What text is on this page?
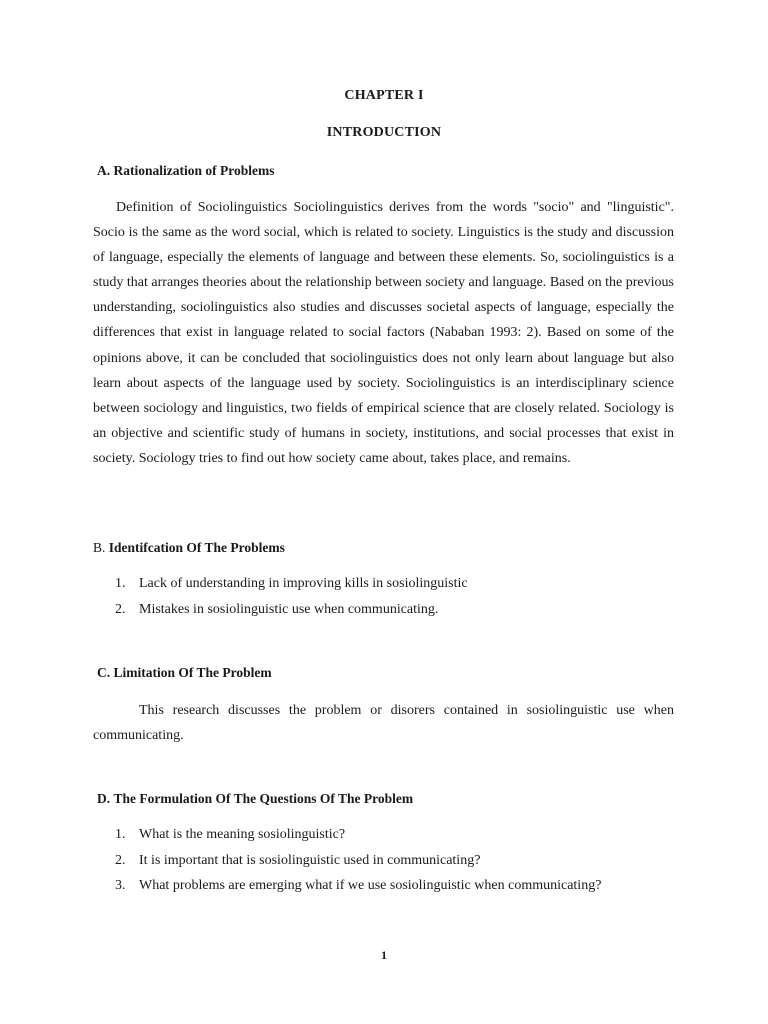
CHAPTER I
INTRODUCTION
A. Rationalization of Problems

Definition of Sociolinguistics Sociolinguistics derives from the words "socio" and "linguistic". Socio is the same as the word social, which is related to society. Linguistics is the study and discussion of language, especially the elements of language and between these elements. So, sociolinguistics is a study that arranges theories about the relationship between society and language. Based on the previous understanding, sociolinguistics also studies and discusses societal aspects of language, especially the differences that exist in language related to social factors (Nababan 1993: 2). Based on some of the opinions above, it can be concluded that sociolinguistics does not only learn about language but also learn about aspects of the language used by society. Sociolinguistics is an interdisciplinary science between sociology and linguistics, two fields of empirical science that are closely related. Sociology is an objective and scientific study of humans in society, institutions, and social processes that exist in society. Sociology tries to find out how society came about, takes place, and remains.

B. Identifcation Of The Problems
1. Lack of understanding in improving kills in sosiolinguistic
2. Mistakes in sosiolinguistic use when communicating.
C. Limitation Of The Problem

This research discusses the problem or disorers contained in sosiolinguistic use when communicating.

D. The Formulation Of The Questions Of The Problem
1. What is the meaning sosiolinguistic?
2. It is important that is sosiolinguistic used in communicating?
3. What problems are emerging what if we use sosiolinguistic when communicating?
1
